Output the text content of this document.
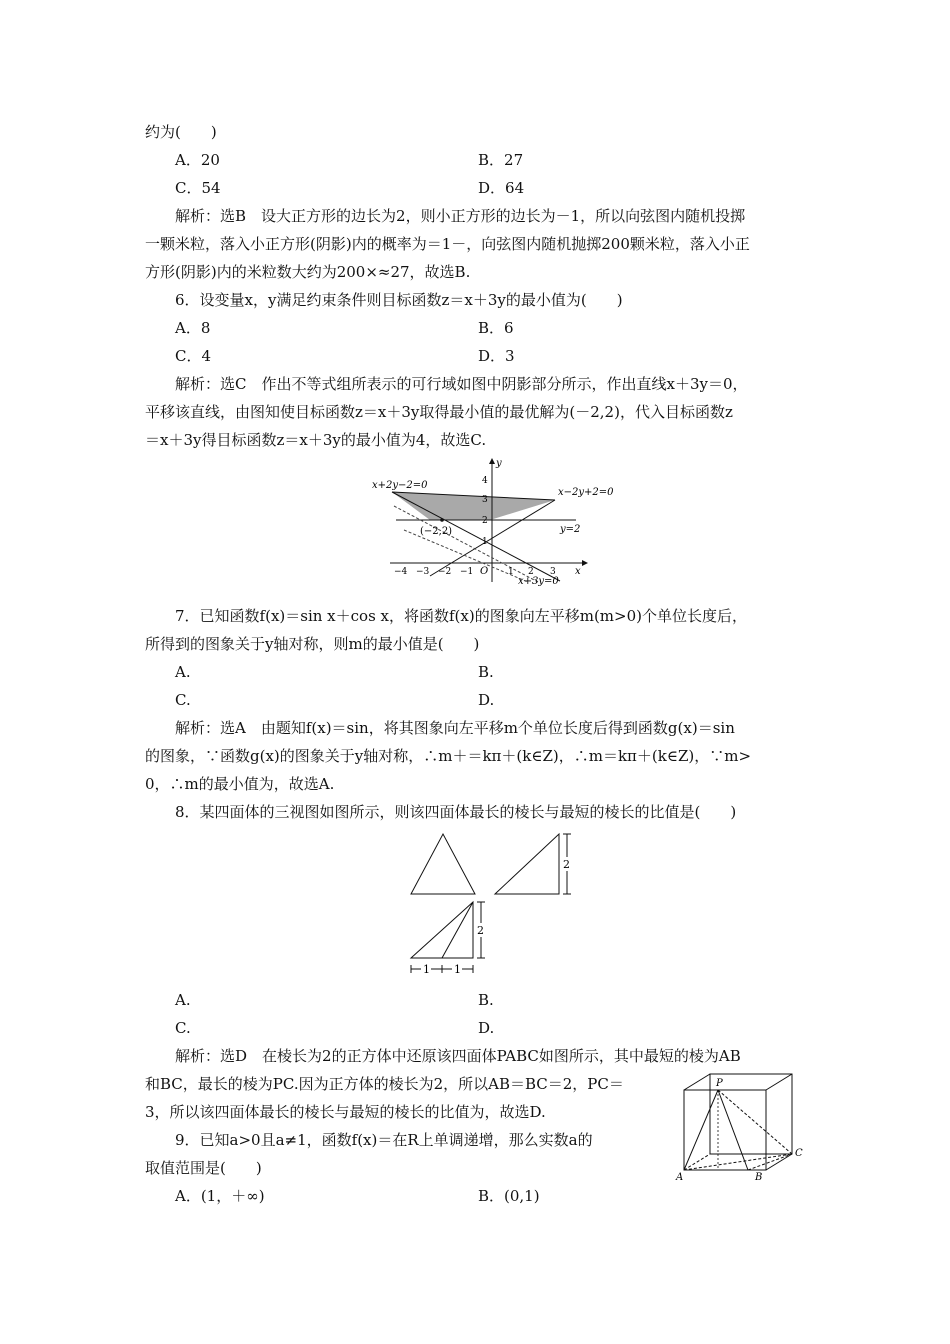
约为(　　)
A．20	B．27
C．54	D．64
解析：选B　设大正方形的边长为2，则小正方形的边长为－1，所以向弦图内随机投掷
一颗米粒，落入小正方形(阴影)内的概率为＝1－，向弦图内随机抛掷200颗米粒，落入小正
方形(阴影)内的米粒数大约为200×≈27，故选B.
6．设变量x，y满足约束条件则目标函数z＝x＋3y的最小值为(　　)
A．8	B．6
C．4	D．3
解析：选C　作出不等式组所表示的可行域如图中阴影部分所示，作出直线x＋3y＝0，
平移该直线，由图知使目标函数z＝x＋3y取得最小值的最优解为(－2,2)，代入目标函数z
＝x＋3y得目标函数z＝x＋3y的最小值为4，故选C.
x+2y−2=0
x−2y+2=0
y=2
x+3y=0
(−2,2)
O	x
y
−4 −3 −2 −1	1 2 3
1
2
3
4
7．已知函数f(x)＝sin x＋cos x，将函数f(x)的图象向左平移m(m>0)个单位长度后，
所得到的图象关于y轴对称，则m的最小值是(　　)
A.	B.
C.	D.
解析：选A　由题知f(x)＝sin，将其图象向左平移m个单位长度后得到函数g(x)＝sin
的图象，∵函数g(x)的图象关于y轴对称，∴m＋＝kπ＋(k∈Z)，∴m＝kπ＋(k∈Z)，∵m>
0，∴m的最小值为，故选A.
8．某四面体的三视图如图所示，则该四面体最长的棱长与最短的棱长的比值是(　　)
2
2
1 1
A.	B.
C.	D.
解析：选D　在棱长为2的正方体中还原该四面体PABC如图所示，其中最短的棱为AB
和BC，最长的棱为PC.因为正方体的棱长为2，所以AB＝BC＝2，PC＝
3，所以该四面体最长的棱长与最短的棱长的比值为，故选D.
P
A	B
C
9．已知a>0且a≠1，函数f(x)＝在R上单调递增，那么实数a的
取值范围是(　　)
A．(1，＋∞)	B．(0,1)
